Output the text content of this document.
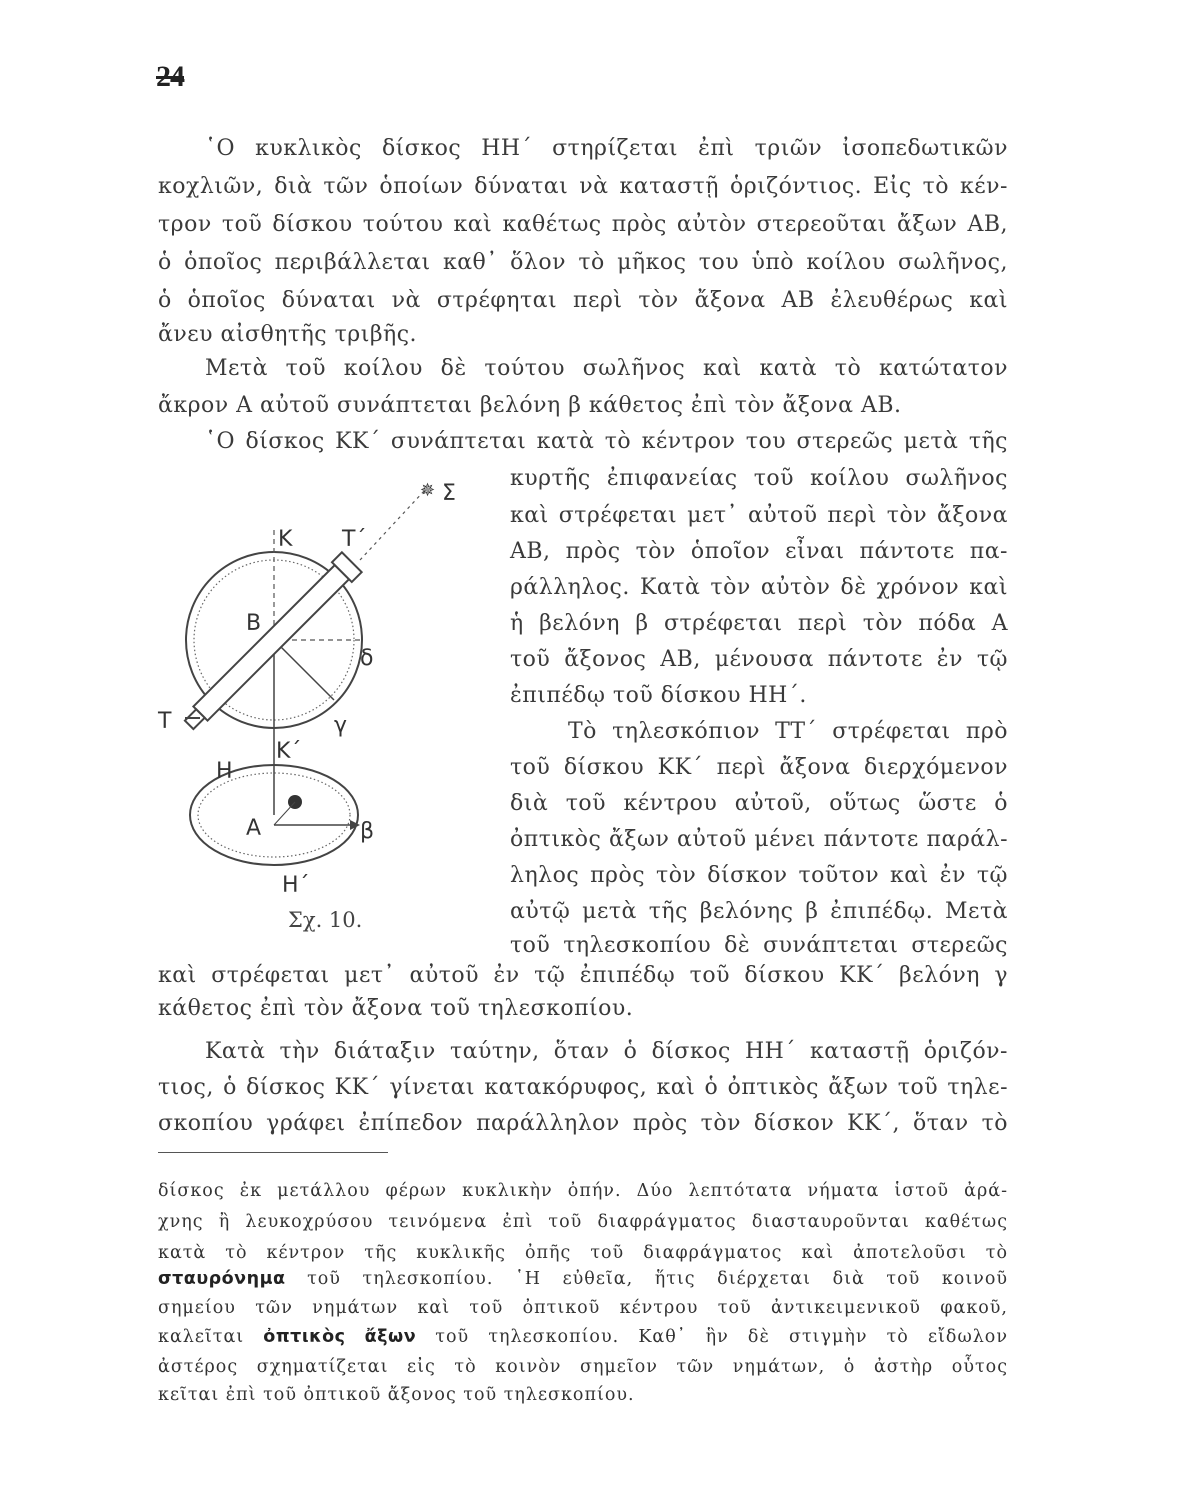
24

῾Ο κυκλικὸς δίσκος ΗΗ΄ στηρίζεται ἐπὶ τριῶν ἰσοπεδωτικῶν

κοχλιῶν, διὰ τῶν ὁποίων δύναται νὰ καταστῇ ὁριζόντιος. Εἰς τὸ κέν-

τρον τοῦ δίσκου τούτου καὶ καθέτως πρὸς αὐτὸν στερεοῦται ἄξων ΑΒ,

ὁ ὁποῖος περιβάλλεται καθ᾽ ὅλον τὸ μῆκος του ὑπὸ κοίλου σωλῆνος,

ὁ ὁποῖος δύναται νὰ στρέφηται περὶ τὸν ἄξονα ΑΒ ἐλευθέρως καὶ

ἄνευ αἰσθητῆς τριβῆς.

Μετὰ τοῦ κοίλου δὲ τούτου σωλῆνος καὶ κατὰ τὸ κατώτατον

ἄκρον Α αὐτοῦ συνάπτεται βελόνη β κάθετος ἐπὶ τὸν ἄξονα ΑΒ.

῾Ο δίσκος ΚΚ΄ συνάπτεται κατὰ τὸ κέντρον του στερεῶς μετὰ τῆς

κυρτῆς ἐπιφανείας τοῦ κοίλου σωλῆνος

καὶ στρέφεται μετ᾽ αὐτοῦ περὶ τὸν ἄξονα

ΑΒ, πρὸς τὸν ὁποῖον εἶναι πάντοτε πα-

ράλληλος. Κατὰ τὸν αὐτὸν δὲ χρόνον καὶ

ἡ βελόνη β στρέφεται περὶ τὸν πόδα Α

τοῦ ἄξονος ΑΒ, μένουσα πάντοτε ἐν τῷ

ἐπιπέδῳ τοῦ δίσκου ΗΗ΄.

Τὸ τηλεσκόπιον ΤΤ΄ στρέφεται πρὸ

τοῦ δίσκου ΚΚ΄ περὶ ἄξονα διερχόμενον

διὰ τοῦ κέντρου αὐτοῦ, οὕτως ὥστε ὁ

ὀπτικὸς ἄξων αὐτοῦ μένει πάντοτε παράλ-

ληλος πρὸς τὸν δίσκον τοῦτον καὶ ἐν τῷ

αὐτῷ μετὰ τῆς βελόνης β ἐπιπέδῳ. Μετὰ

τοῦ τηλεσκοπίου δὲ συνάπτεται στερεῶς

καὶ στρέφεται μετ᾽ αὐτοῦ ἐν τῷ ἐπιπέδῳ τοῦ δίσκου ΚΚ΄ βελόνη γ

κάθετος ἐπὶ τὸν ἄξονα τοῦ τηλεσκοπίου.

Κατὰ τὴν διάταξιν ταύτην, ὅταν ὁ δίσκος ΗΗ΄ καταστῇ ὁριζόν-

τιος, ὁ δίσκος ΚΚ΄ γίνεται κατακόρυφος, καὶ ὁ ὀπτικὸς ἄξων τοῦ τηλε-

σκοπίου γράφει ἐπίπεδον παράλληλον πρὸς τὸν δίσκον ΚΚ΄, ὅταν τὸ

δίσκος ἐκ μετάλλου φέρων κυκλικὴν ὀπήν. Δύο λεπτότατα νήματα ἱστοῦ ἀρά-

χνης ἢ λευκοχρύσου τεινόμενα ἐπὶ τοῦ διαφράγματος διασταυροῦνται καθέτως

κατὰ τὸ κέντρον τῆς κυκλικῆς ὀπῆς τοῦ διαφράγματος καὶ ἀποτελοῦσι τὸ

σταυρόνημα τοῦ τηλεσκοπίου. ῾Η εὐθεῖα, ἥτις διέρχεται διὰ τοῦ κοινοῦ

σημείου τῶν νημάτων καὶ τοῦ ὀπτικοῦ κέντρου τοῦ ἀντικειμενικοῦ φακοῦ,

καλεῖται ὀπτικὸς ἄξων τοῦ τηλεσκοπίου. Καθ᾽ ἣν δὲ στιγμὴν τὸ εἴδωλον

ἀστέρος σχηματίζεται εἰς τὸ κοινὸν σημεῖον τῶν νημάτων, ὁ ἀστὴρ οὗτος

κεῖται ἐπὶ τοῦ ὀπτικοῦ ἄξονος τοῦ τηλεσκοπίου.

✵ Σ
Κ Τ΄
Β
δ
Τ	γ
Κ΄
Η
Α	β
Η΄
Σχ. 10.
